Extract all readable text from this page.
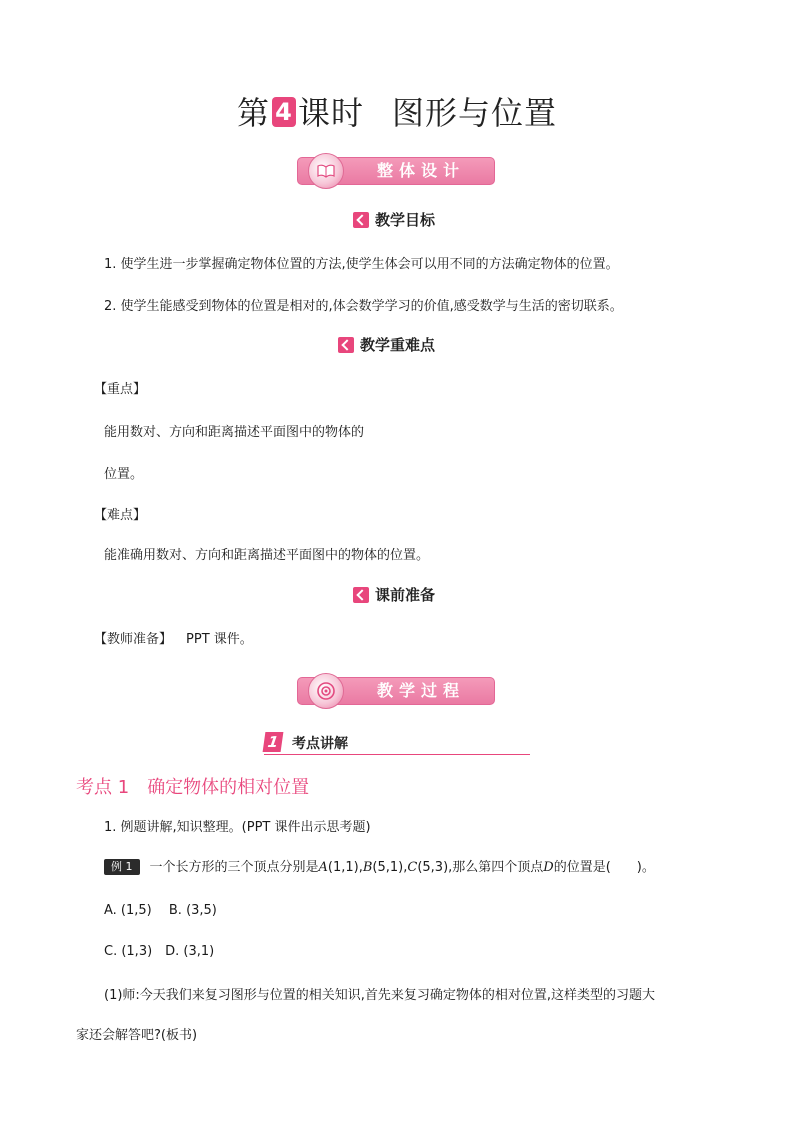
第 4 课时 图形与位置
整体设计
教学目标
1. 使学生进一步掌握确定物体位置的方法,使学生体会可以用不同的方法确定物体的位置。
2. 使学生能感受到物体的位置是相对的,体会数学学习的价值,感受数学与生活的密切联系。
教学重难点
【重点】
能用数对、方向和距离描述平面图中的物体的
位置。
【难点】
能准确用数对、方向和距离描述平面图中的物体的位置。
课前准备
【教师准备】 PPT 课件。
教学过程
1 考点讲解
考点 1 确定物体的相对位置
1. 例题讲解,知识整理。(PPT 课件出示思考题)
例 1 一个长方形的三个顶点分别是A(1,1),B(5,1),C(5,3),那么第四个顶点D的位置是(　　)。
A. (1,5)　 B. (3,5)
C. (1,3)　D. (3,1)
(1)师:今天我们来复习图形与位置的相关知识,首先来复习确定物体的相对位置,这样类型的习题大
家还会解答吧?(板书)
